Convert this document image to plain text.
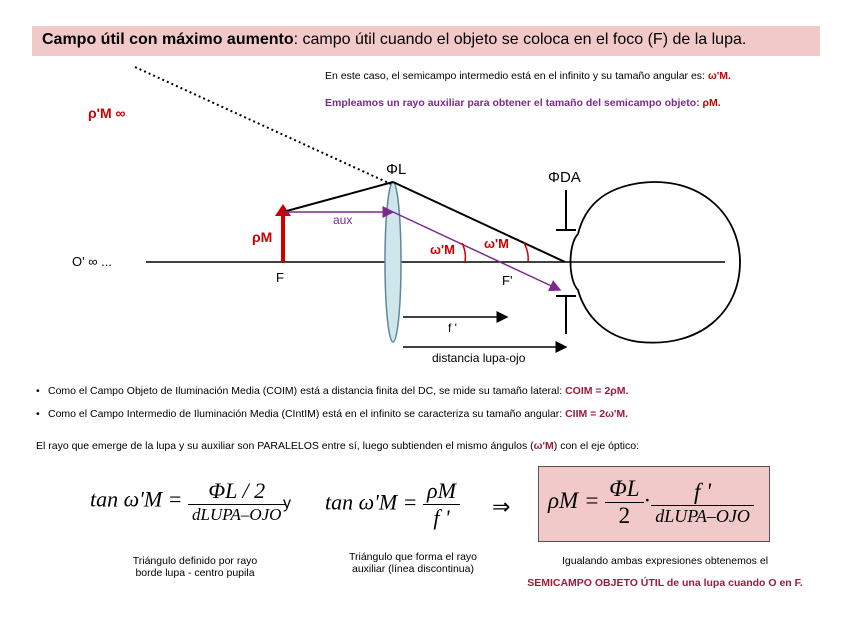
Campo útil con máximo aumento: campo útil cuando el objeto se coloca en el foco (F) de la lupa.
En este caso, el semicampo intermedio está en el infinito y su tamaño angular es: ω'M.
Empleamos un rayo auxiliar para obtener el tamaño del semicampo objeto: ρM.
ρ'M ∞
ΦL	ΦDA
aux
ρM
ω'M ω'M
O' ∞ ...
F	F'
f '
distancia lupa-ojo
• Como el Campo Objeto de Iluminación Media (COIM) está a distancia finita del DC, se mide su tamaño lateral: COIM = 2ρM.
• Como el Campo Intermedio de Iluminación Media (CIntIM) está en el infinito se caracteriza su tamaño angular: CIIM = 2ω'M.
El rayo que emerge de la lupa y su auxiliar son PARALELOS entre sí, luego subtienden el mismo ángulos (ω'M) con el eje óptico:
$\tan \omega'M = \frac{\Phi L / 2}{\text{dLUPA–OJO}}$
y $\tan \omega'M = \frac{\rho M}{f '}$ ⇒ $\rho M = \frac{\Phi L}{2} \cdot \frac{f '}{\text{dLUPA–OJO}}$
Triángulo definido por rayo
borde lupa - centro pupila
Triángulo que forma el rayo
auxiliar (línea discontinua)
Igualando ambas expresiones obtenemos el
SEMICAMPO OBJETO ÚTIL de una lupa cuando O en F.
